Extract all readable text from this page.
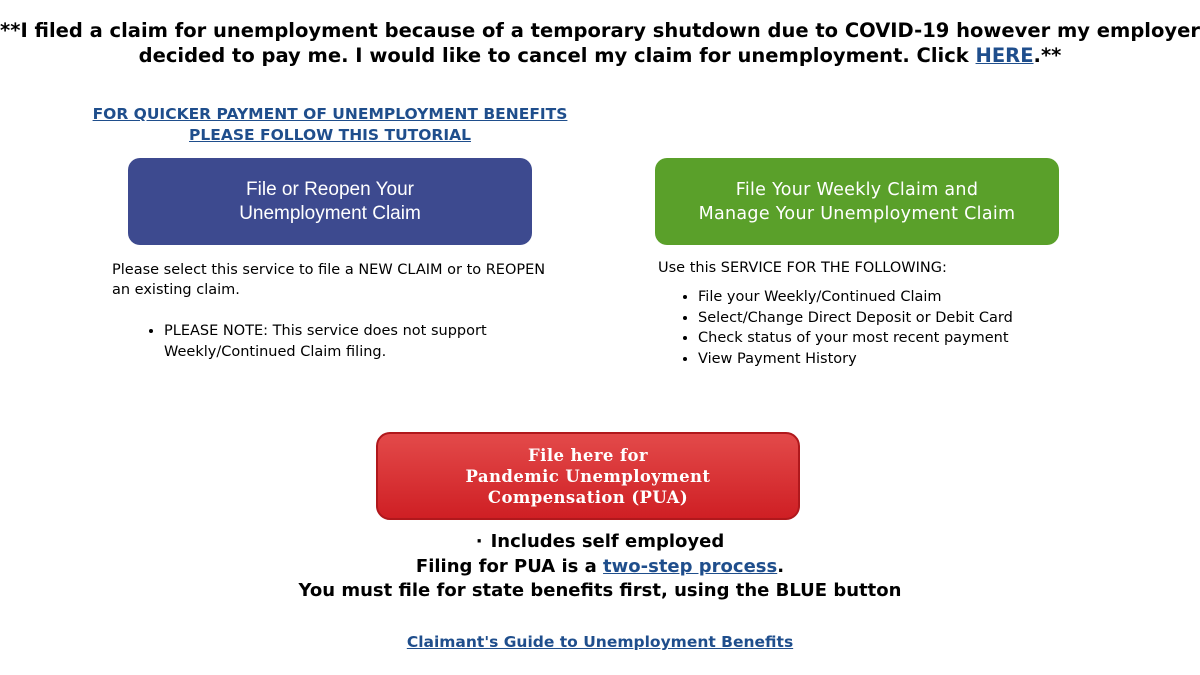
**I filed a claim for unemployment because of a temporary shutdown due to COVID-19 however my employer decided to pay me. I would like to cancel my claim for unemployment. Click HERE.**

FOR QUICKER PAYMENT OF UNEMPLOYMENT BENEFITS
PLEASE FOLLOW THIS TUTORIAL
File or Reopen Your
Unemployment Claim
File Your Weekly Claim and
Manage Your Unemployment Claim

Please select this service to file a NEW CLAIM or to REOPEN an existing claim.

• PLEASE NOTE: This service does not support Weekly/Continued Claim filing.

Use this SERVICE FOR THE FOLLOWING:

• File your Weekly/Continued Claim
• Select/Change Direct Deposit or Debit Card
• Check status of your most recent payment
• View Payment History
File here for
Pandemic Unemployment
Compensation (PUA)
· Includes self employed
Filing for PUA is a two-step process.
You must file for state benefits first, using the BLUE button
Claimant's Guide to Unemployment Benefits
